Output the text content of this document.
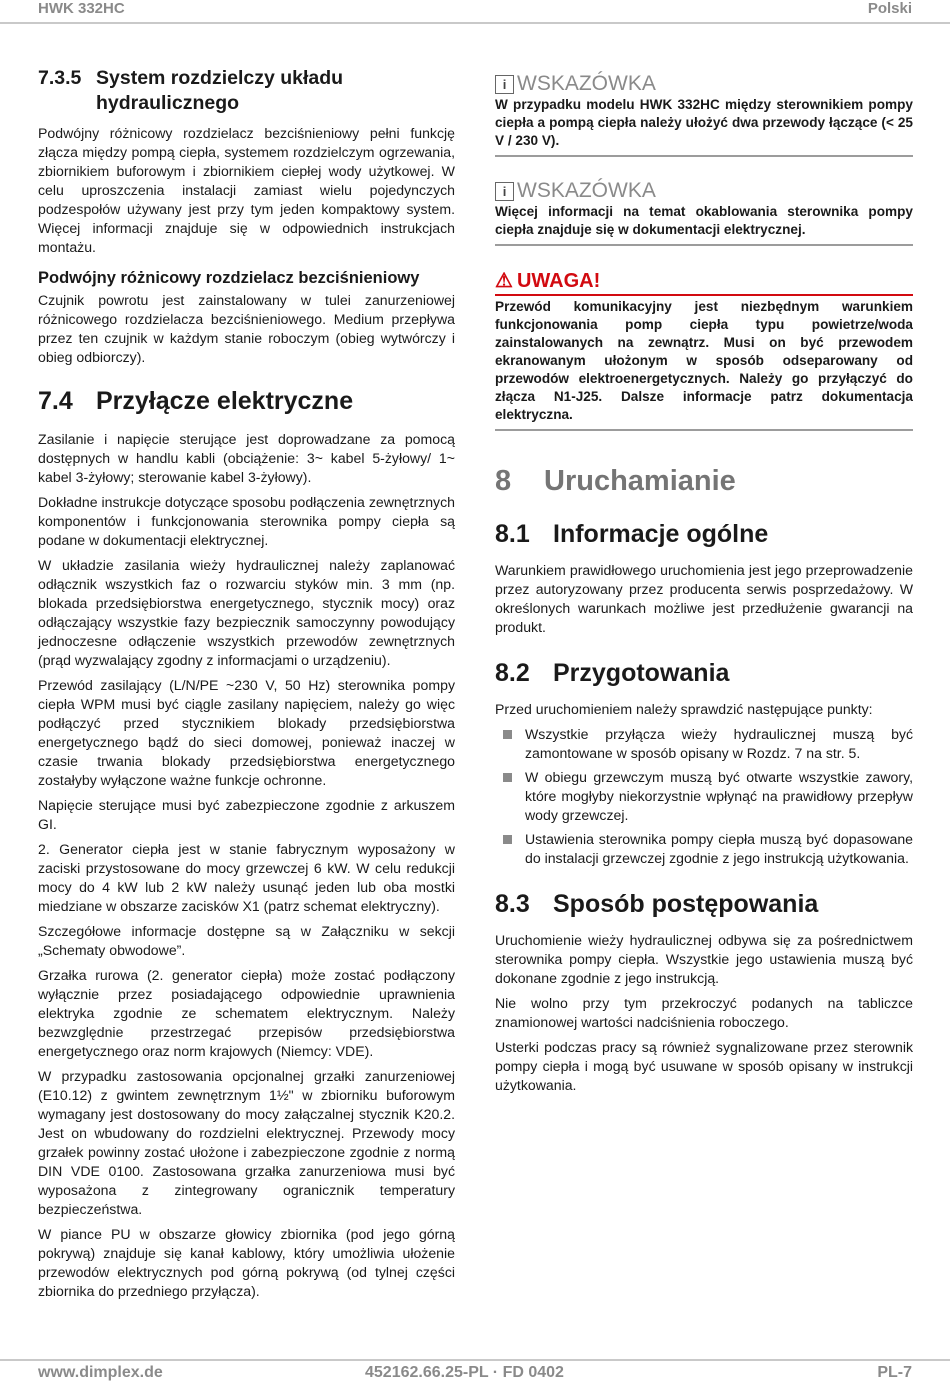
HWK 332HC	Polski
7.3.5 System rozdzielczy układu hydraulicznego

Podwójny różnicowy rozdzielacz bezciśnieniowy pełni funkcję złącza między pompą ciepła, systemem rozdzielczym ogrzewania, zbiornikiem buforowym i zbiornikiem ciepłej wody użytkowej. W celu uproszczenia instalacji zamiast wielu pojedynczych podzespołów używany jest przy tym jeden kompaktowy system. Więcej informacji znajduje się w odpowiednich instrukcjach montażu.

Podwójny różnicowy rozdzielacz bezciśnieniowy

Czujnik powrotu jest zainstalowany w tulei zanurzeniowej różnicowego rozdzielacza bezciśnieniowego. Medium przepływa przez ten czujnik w każdym stanie roboczym (obieg wytwórczy i obieg odbiorczy).

7.4 Przyłącze elektryczne

Zasilanie i napięcie sterujące jest doprowadzane za pomocą dostępnych w handlu kabli (obciążenie: 3~ kabel 5-żyłowy/ 1~ kabel 3-żyłowy; sterowanie kabel 3-żyłowy).

Dokładne instrukcje dotyczące sposobu podłączenia zewnętrznych komponentów i funkcjonowania sterownika pompy ciepła są podane w dokumentacji elektrycznej.

W układzie zasilania wieży hydraulicznej należy zaplanować odłącznik wszystkich faz o rozwarciu styków min. 3 mm (np. blokada przedsiębiorstwa energetycznego, stycznik mocy) oraz odłączający wszystkie fazy bezpiecznik samoczynny powodujący jednoczesne odłączenie wszystkich przewodów zewnętrznych (prąd wyzwalający zgodny z informacjami o urządzeniu).

Przewód zasilający (L/N/PE ~230 V, 50 Hz) sterownika pompy ciepła WPM musi być ciągle zasilany napięciem, należy go więc podłączyć przed stycznikiem blokady przedsiębiorstwa energetycznego bądź do sieci domowej, ponieważ inaczej w czasie trwania blokady przedsiębiorstwa energetycznego zostałyby wyłączone ważne funkcje ochronne.

Napięcie sterujące musi być zabezpieczone zgodnie z arkuszem GI.

2. Generator ciepła jest w stanie fabrycznym wyposażony w zaciski przystosowane do mocy grzewczej 6 kW. W celu redukcji mocy do 4 kW lub 2 kW należy usunąć jeden lub oba mostki miedziane w obszarze zacisków X1 (patrz schemat elektryczny).

Szczegółowe informacje dostępne są w Załączniku w sekcji „Schematy obwodowe”.

Grzałka rurowa (2. generator ciepła) może zostać podłączony wyłącznie przez posiadającego odpowiednie uprawnienia elektryka zgodnie ze schematem elektrycznym. Należy bezwzględnie przestrzegać przepisów przedsiębiorstwa energetycznego oraz norm krajowych (Niemcy: VDE).

W przypadku zastosowania opcjonalnej grzałki zanurzeniowej (E10.12) z gwintem zewnętrznym 1½" w zbiorniku buforowym wymagany jest dostosowany do mocy załączalnej stycznik K20.2. Jest on wbudowany do rozdzielni elektrycznej. Przewody mocy grzałek powinny zostać ułożone i zabezpieczone zgodnie z normą DIN VDE 0100. Zastosowana grzałka zanurzeniowa musi być wyposażona z zintegrowany ogranicznik temperatury bezpieczeństwa.

W piance PU w obszarze głowicy zbiornika (pod jego górną pokrywą) znajduje się kanał kablowy, który umożliwia ułożenie przewodów elektrycznych pod górną pokrywą (od tylnej części zbiornika do przedniego przyłącza).

i WSKAZÓWKA

W przypadku modelu HWK 332HC między sterownikiem pompy ciepła a pompą ciepła należy ułożyć dwa przewody łączące (< 25 V / 230 V).

i WSKAZÓWKA

Więcej informacji na temat okablowania sterownika pompy ciepła znajduje się w dokumentacji elektrycznej.

⚠ UWAGA!

Przewód komunikacyjny jest niezbędnym warunkiem funkcjonowania pomp ciepła typu powietrze/woda zainstalowanych na zewnątrz. Musi on być przewodem ekranowanym ułożonym w sposób odseparowany od przewodów elektroenergetycznych. Należy go przyłączyć do złącza N1-J25. Dalsze informacje patrz dokumentacja elektryczna.

8 Uruchamianie
8.1 Informacje ogólne

Warunkiem prawidłowego uruchomienia jest jego przeprowadzenie przez autoryzowany przez producenta serwis posprzedażowy. W określonych warunkach możliwe jest przedłużenie gwarancji na produkt.

8.2 Przygotowania

Przed uruchomieniem należy sprawdzić następujące punkty:

Wszystkie przyłącza wieży hydraulicznej muszą być zamontowane w sposób opisany w Rozdz. 7 na str. 5.
W obiegu grzewczym muszą być otwarte wszystkie zawory, które mogłyby niekorzystnie wpłynąć na prawidłowy przepływ wody grzewczej.
Ustawienia sterownika pompy ciepła muszą być dopasowane do instalacji grzewczej zgodnie z jego instrukcją użytkowania.
8.3 Sposób postępowania

Uruchomienie wieży hydraulicznej odbywa się za pośrednictwem sterownika pompy ciepła. Wszystkie jego ustawienia muszą być dokonane zgodnie z jego instrukcją.

Nie wolno przy tym przekroczyć podanych na tabliczce znamionowej wartości nadciśnienia roboczego.

Usterki podczas pracy są również sygnalizowane przez sterownik pompy ciepła i mogą być usuwane w sposób opisany w instrukcji użytkowania.

www.dimplex.de	452162.66.25-PL · FD 0402	PL-7
